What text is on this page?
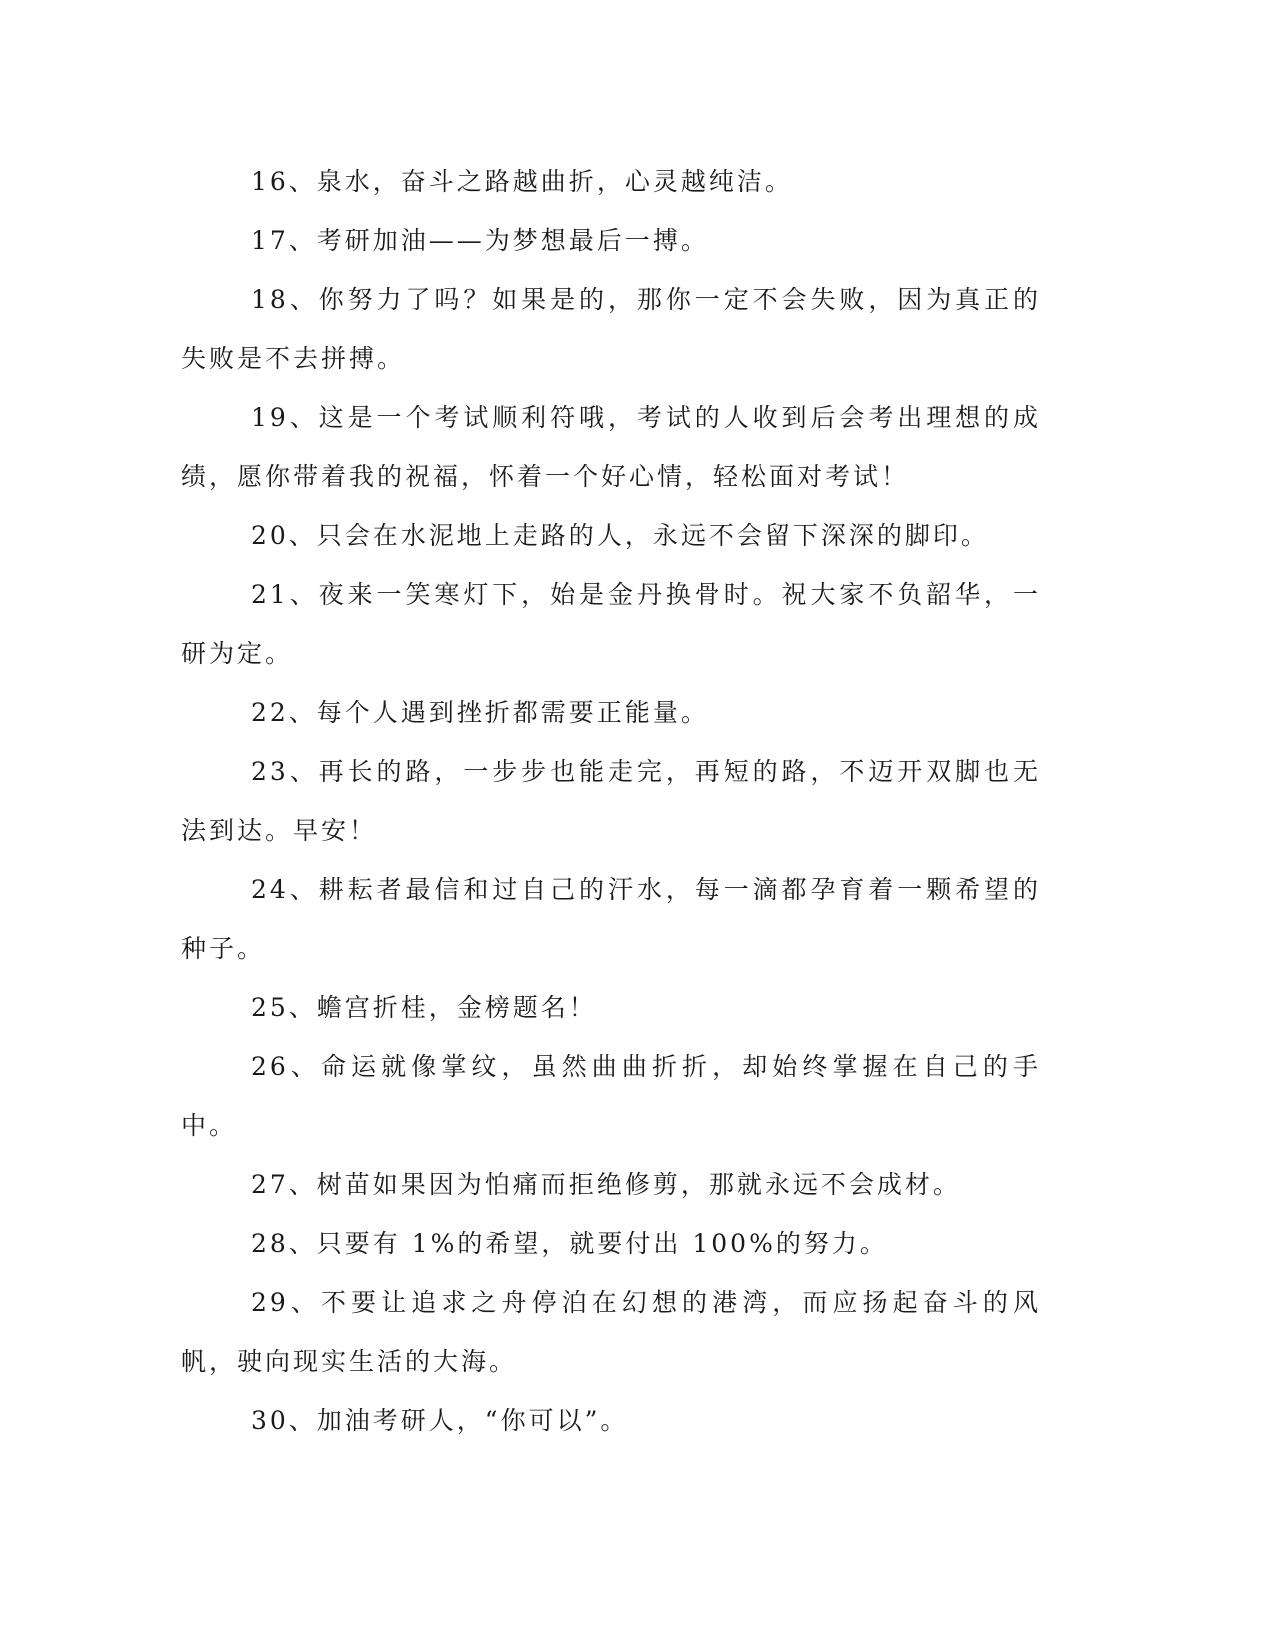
16、泉水，奋斗之路越曲折，心灵越纯洁。

17、考研加油——为梦想最后一搏。

18、你努力了吗？如果是的，那你一定不会失败，因为真正的失败是不去拼搏。

19、这是一个考试顺利符哦，考试的人收到后会考出理想的成绩，愿你带着我的祝福，怀着一个好心情，轻松面对考试！

20、只会在水泥地上走路的人，永远不会留下深深的脚印。

21、夜来一笑寒灯下，始是金丹换骨时。祝大家不负韶华，一研为定。

22、每个人遇到挫折都需要正能量。

23、再长的路，一步步也能走完，再短的路，不迈开双脚也无法到达。早安！

24、耕耘者最信和过自己的汗水，每一滴都孕育着一颗希望的种子。

25、蟾宫折桂，金榜题名！

26、命运就像掌纹，虽然曲曲折折，却始终掌握在自己的手中。

27、树苗如果因为怕痛而拒绝修剪，那就永远不会成材。

28、只要有 1%的希望，就要付出 100%的努力。

29、不要让追求之舟停泊在幻想的港湾，而应扬起奋斗的风帆，驶向现实生活的大海。

30、加油考研人，“你可以”。
